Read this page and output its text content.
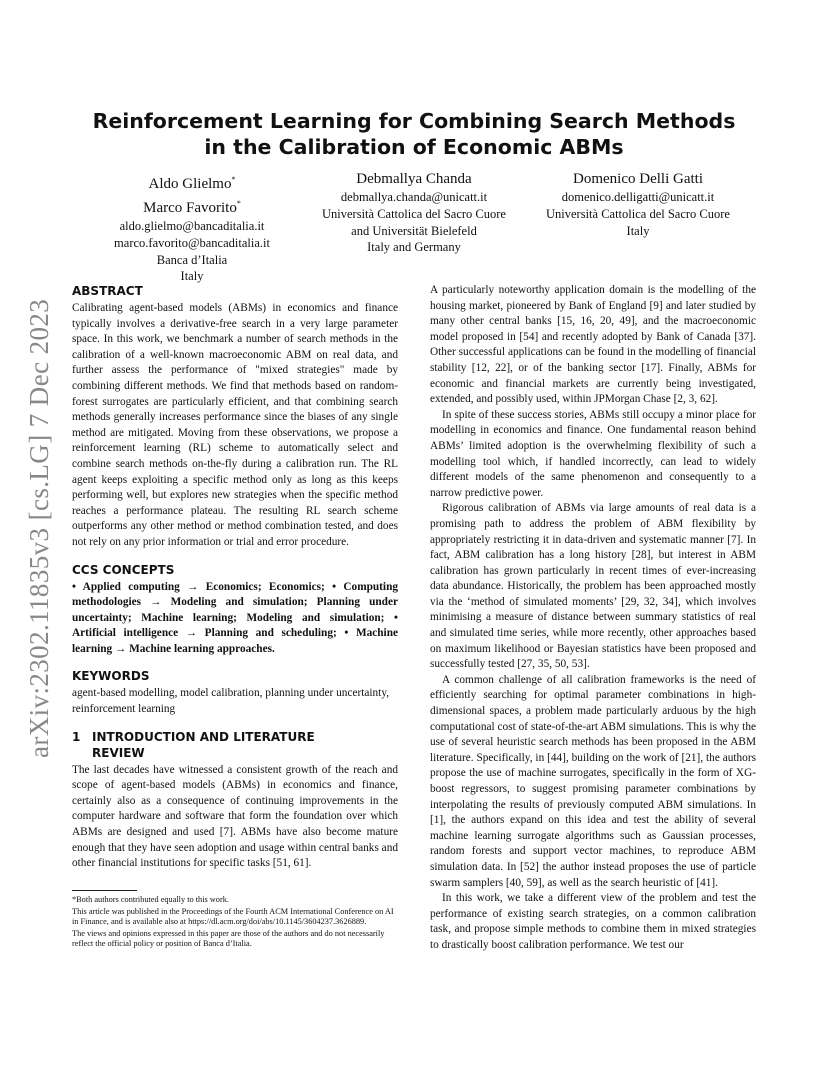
arXiv:2302.11835v3 [cs.LG] 7 Dec 2023
Reinforcement Learning for Combining Search Methods
in the Calibration of Economic ABMs
Aldo Glielmo*
Marco Favorito*
aldo.glielmo@bancaditalia.it
marco.favorito@bancaditalia.it
Banca d’Italia
Italy
Debmallya Chanda
debmallya.chanda@unicatt.it
Università Cattolica del Sacro Cuore
and Universität Bielefeld
Italy and Germany
Domenico Delli Gatti
domenico.delligatti@unicatt.it
Università Cattolica del Sacro Cuore
Italy
ABSTRACT

Calibrating agent-based models (ABMs) in economics and finance typically involves a derivative-free search in a very large parameter space. In this work, we benchmark a number of search methods in the calibration of a well-known macroeconomic ABM on real data, and further assess the performance of "mixed strategies" made by combining different methods. We find that methods based on random-forest surrogates are particularly efficient, and that combining search methods generally increases performance since the biases of any single method are mitigated. Moving from these observations, we propose a reinforcement learning (RL) scheme to automatically select and combine search methods on-the-fly during a calibration run. The RL agent keeps exploiting a specific method only as long as this keeps performing well, but explores new strategies when the specific method reaches a performance plateau. The resulting RL search scheme outperforms any other method or method combination tested, and does not rely on any prior information or trial and error procedure.

CCS CONCEPTS

• Applied computing → Economics; Economics; • Computing methodologies → Modeling and simulation; Planning under uncertainty; Machine learning; Modeling and simulation; • Artificial intelligence → Planning and scheduling; • Machine learning → Machine learning approaches.

KEYWORDS

agent-based modelling, model calibration, planning under uncertainty, reinforcement learning

1 INTRODUCTION AND LITERATURE
REVIEW

The last decades have witnessed a consistent growth of the reach and scope of agent-based models (ABMs) in economics and finance, certainly also as a consequence of continuing improvements in the computer hardware and software that form the foundation over which ABMs are designed and used [7]. ABMs have also become mature enough that they have seen adoption and usage within central banks and other financial institutions for specific tasks [51, 61].

*Both authors contributed equally to this work.

This article was published in the Proceedings of the Fourth ACM International Conference on AI in Finance, and is available also at https://dl.acm.org/doi/abs/10.1145/3604237.3626889.

The views and opinions expressed in this paper are those of the authors and do not necessarily reflect the official policy or position of Banca d’Italia.

A particularly noteworthy application domain is the modelling of the housing market, pioneered by Bank of England [9] and later studied by many other central banks [15, 16, 20, 49], and the macroeconomic model proposed in [54] and recently adopted by Bank of Canada [37]. Other successful applications can be found in the modelling of financial stability [12, 22], or of the banking sector [17]. Finally, ABMs for economic and financial markets are currently being investigated, extended, and possibly used, within JPMorgan Chase [2, 3, 62].

In spite of these success stories, ABMs still occupy a minor place for modelling in economics and finance. One fundamental reason behind ABMs’ limited adoption is the overwhelming flexibility of such a modelling tool which, if handled incorrectly, can lead to widely different models of the same phenomenon and consequently to a narrow predictive power.

Rigorous calibration of ABMs via large amounts of real data is a promising path to address the problem of ABM flexibility by appropriately restricting it in data-driven and systematic manner [7]. In fact, ABM calibration has a long history [28], but interest in ABM calibration has grown particularly in recent times of ever-increasing data abundance. Historically, the problem has been approached mostly via the ‘method of simulated moments’ [29, 32, 34], which involves minimising a measure of distance between summary statistics of real and simulated time series, while more recently, other approaches based on maximum likelihood or Bayesian statistics have been proposed and successfully tested [27, 35, 50, 53].

A common challenge of all calibration frameworks is the need of efficiently searching for optimal parameter combinations in high-dimensional spaces, a problem made particularly arduous by the high computational cost of state-of-the-art ABM simulations. This is why the use of several heuristic search methods has been proposed in the ABM literature. Specifically, in [44], building on the work of [21], the authors propose the use of machine surrogates, specifically in the form of XG-boost regressors, to suggest promising parameter combinations by interpolating the results of previously computed ABM simulations. In [1], the authors expand on this idea and test the ability of several machine learning surrogate algorithms such as Gaussian processes, random forests and support vector machines, to reproduce ABM simulation data. In [52] the author instead proposes the use of particle swarm samplers [40, 59], as well as the search heuristic of [41].

In this work, we take a different view of the problem and test the performance of existing search strategies, on a common calibration task, and propose simple methods to combine them in mixed strategies to drastically boost calibration performance. We test our
